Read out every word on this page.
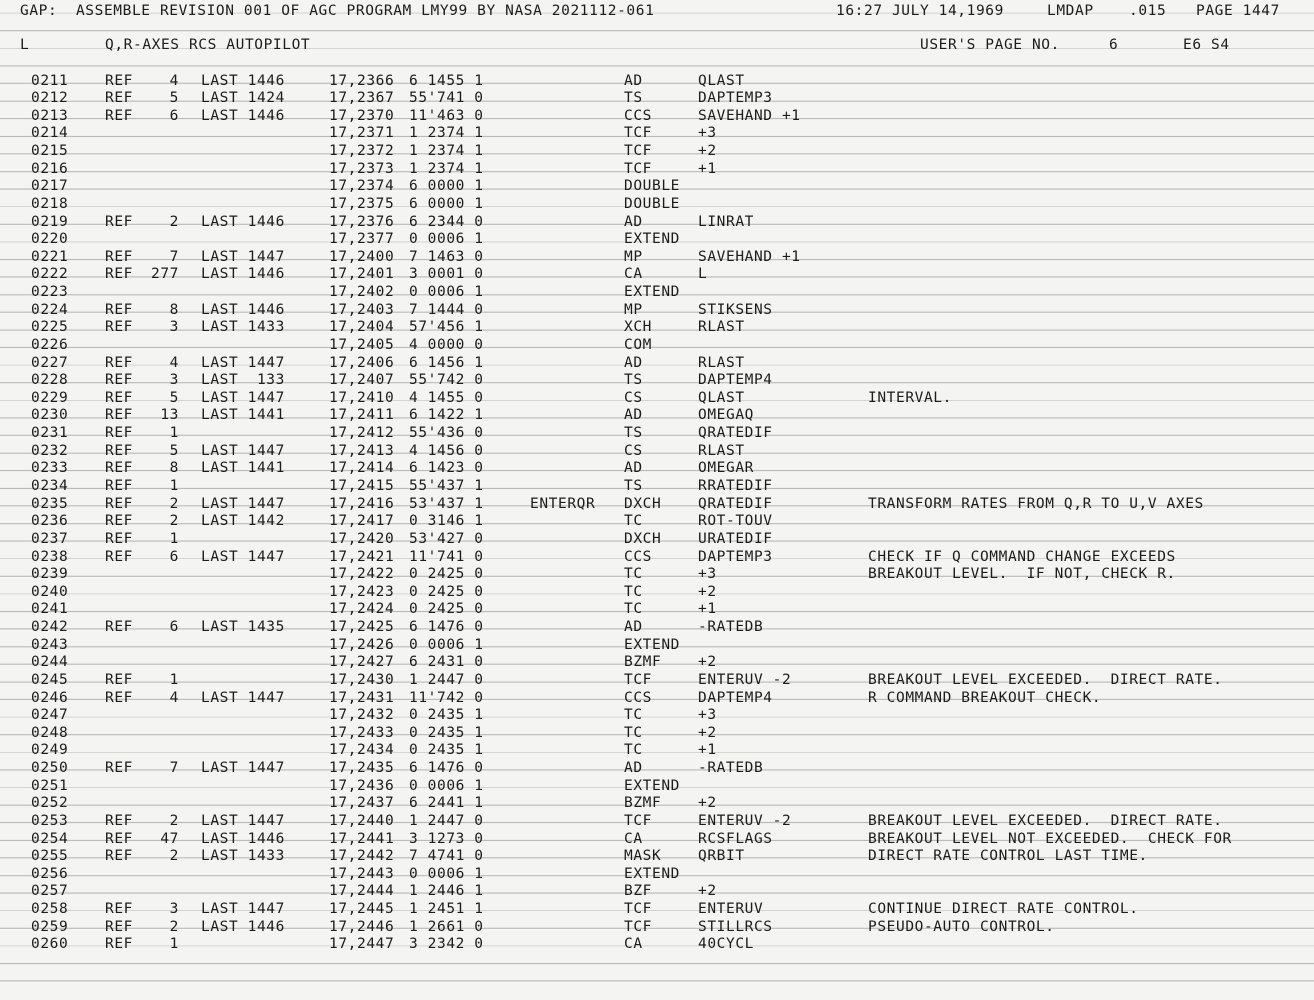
GAP:  ASSEMBLE REVISION 001 OF AGC PROGRAM LMY99 BY NASA 2021112-061	16:27 JULY 14,1969	LMDAP .015 PAGE 1447
L	Q,R-AXES RCS AUTOPILOT	USER'S PAGE NO.	6	E6 S4
0211	REF	4 LAST 1446	17,2366 6 1455 1	AD	QLAST
0212	REF	5 LAST 1424	17,2367 55'741 0	TS	DAPTEMP3
0213	REF	6 LAST 1446	17,2370 11'463 0	CCS	SAVEHAND +1
0214	17,2371 1 2374 1	TCF	+3
0215	17,2372 1 2374 1	TCF	+2
0216	17,2373 1 2374 1	TCF	+1
0217	17,2374 6 0000 1	DOUBLE
0218	17,2375 6 0000 1	DOUBLE
0219	REF	2 LAST 1446	17,2376 6 2344 0	AD	LINRAT
0220	17,2377 0 0006 1	EXTEND
0221	REF	7 LAST 1447	17,2400 7 1463 0	MP	SAVEHAND +1
0222	REF 277 LAST 1446	17,2401 3 0001 0	CA	L
0223	17,2402 0 0006 1	EXTEND
0224	REF	8 LAST 1446	17,2403 7 1444 0	MP	STIKSENS
0225	REF	3 LAST 1433	17,2404 57'456 1	XCH	RLAST
0226	17,2405 4 0000 0	COM
0227	REF	4 LAST 1447	17,2406 6 1456 1	AD	RLAST
0228	REF	3 LAST  133	17,2407 55'742 0	TS	DAPTEMP4
0229	REF	5 LAST 1447	17,2410 4 1455 0	CS	QLAST	INTERVAL.
0230	REF 13 LAST 1441	17,2411 6 1422 1	AD	OMEGAQ
0231	REF	1	17,2412 55'436 0	TS	QRATEDIF
0232	REF	5 LAST 1447	17,2413 4 1456 0	CS	RLAST
0233	REF	8 LAST 1441	17,2414 6 1423 0	AD	OMEGAR
0234	REF	1	17,2415 55'437 1	TS	RRATEDIF
0235	REF	2 LAST 1447	17,2416 53'437 1	ENTERQR DXCH	QRATEDIF	TRANSFORM RATES FROM Q,R TO U,V AXES
0236	REF	2 LAST 1442	17,2417 0 3146 1	TC	ROT-TOUV
0237	REF	1	17,2420 53'427 0	DXCH	URATEDIF
0238	REF	6 LAST 1447	17,2421 11'741 0	CCS	DAPTEMP3	CHECK IF Q COMMAND CHANGE EXCEEDS
0239	17,2422 0 2425 0	TC	+3	BREAKOUT LEVEL.  IF NOT, CHECK R.
0240	17,2423 0 2425 0	TC	+2
0241	17,2424 0 2425 0	TC	+1
0242	REF	6 LAST 1435	17,2425 6 1476 0	AD	-RATEDB
0243	17,2426 0 0006 1	EXTEND
0244	17,2427 6 2431 0	BZMF	+2
0245	REF	1	17,2430 1 2447 0	TCF	ENTERUV -2	BREAKOUT LEVEL EXCEEDED.  DIRECT RATE.
0246	REF	4 LAST 1447	17,2431 11'742 0	CCS	DAPTEMP4	R COMMAND BREAKOUT CHECK.
0247	17,2432 0 2435 1	TC	+3
0248	17,2433 0 2435 1	TC	+2
0249	17,2434 0 2435 1	TC	+1
0250	REF	7 LAST 1447	17,2435 6 1476 0	AD	-RATEDB
0251	17,2436 0 0006 1	EXTEND
0252	17,2437 6 2441 1	BZMF	+2
0253	REF	2 LAST 1447	17,2440 1 2447 0	TCF	ENTERUV -2	BREAKOUT LEVEL EXCEEDED.  DIRECT RATE.
0254	REF 47 LAST 1446	17,2441 3 1273 0	CA	RCSFLAGS	BREAKOUT LEVEL NOT EXCEEDED.  CHECK FOR
0255	REF	2 LAST 1433	17,2442 7 4741 0	MASK	QRBIT	DIRECT RATE CONTROL LAST TIME.
0256	17,2443 0 0006 1	EXTEND
0257	17,2444 1 2446 1	BZF	+2
0258	REF	3 LAST 1447	17,2445 1 2451 1	TCF	ENTERUV	CONTINUE DIRECT RATE CONTROL.
0259	REF	2 LAST 1446	17,2446 1 2661 0	TCF	STILLRCS	PSEUDO-AUTO CONTROL.
0260	REF	1	17,2447 3 2342 0	CA	40CYCL
